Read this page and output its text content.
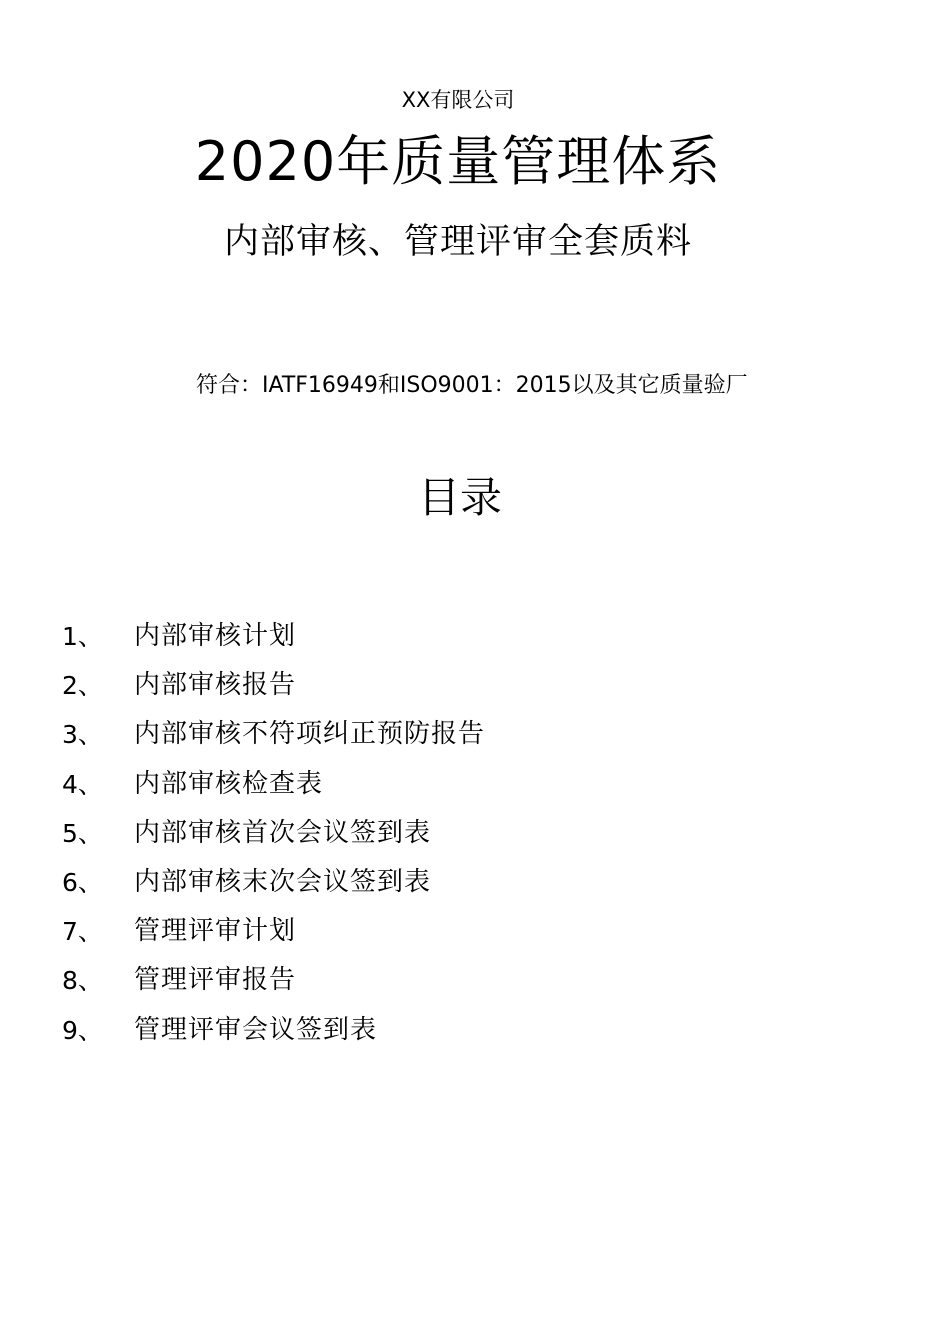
XX有限公司
2020年质量管理体系
内部审核、管理评审全套质料
符合：IATF16949和ISO9001：2015以及其它质量验厂
目录
1、	内部审核计划
2、	内部审核报告
3、	内部审核不符项纠正预防报告
4、	内部审核检查表
5、	内部审核首次会议签到表
6、	内部审核末次会议签到表
7、	管理评审计划
8、	管理评审报告
9、	管理评审会议签到表
